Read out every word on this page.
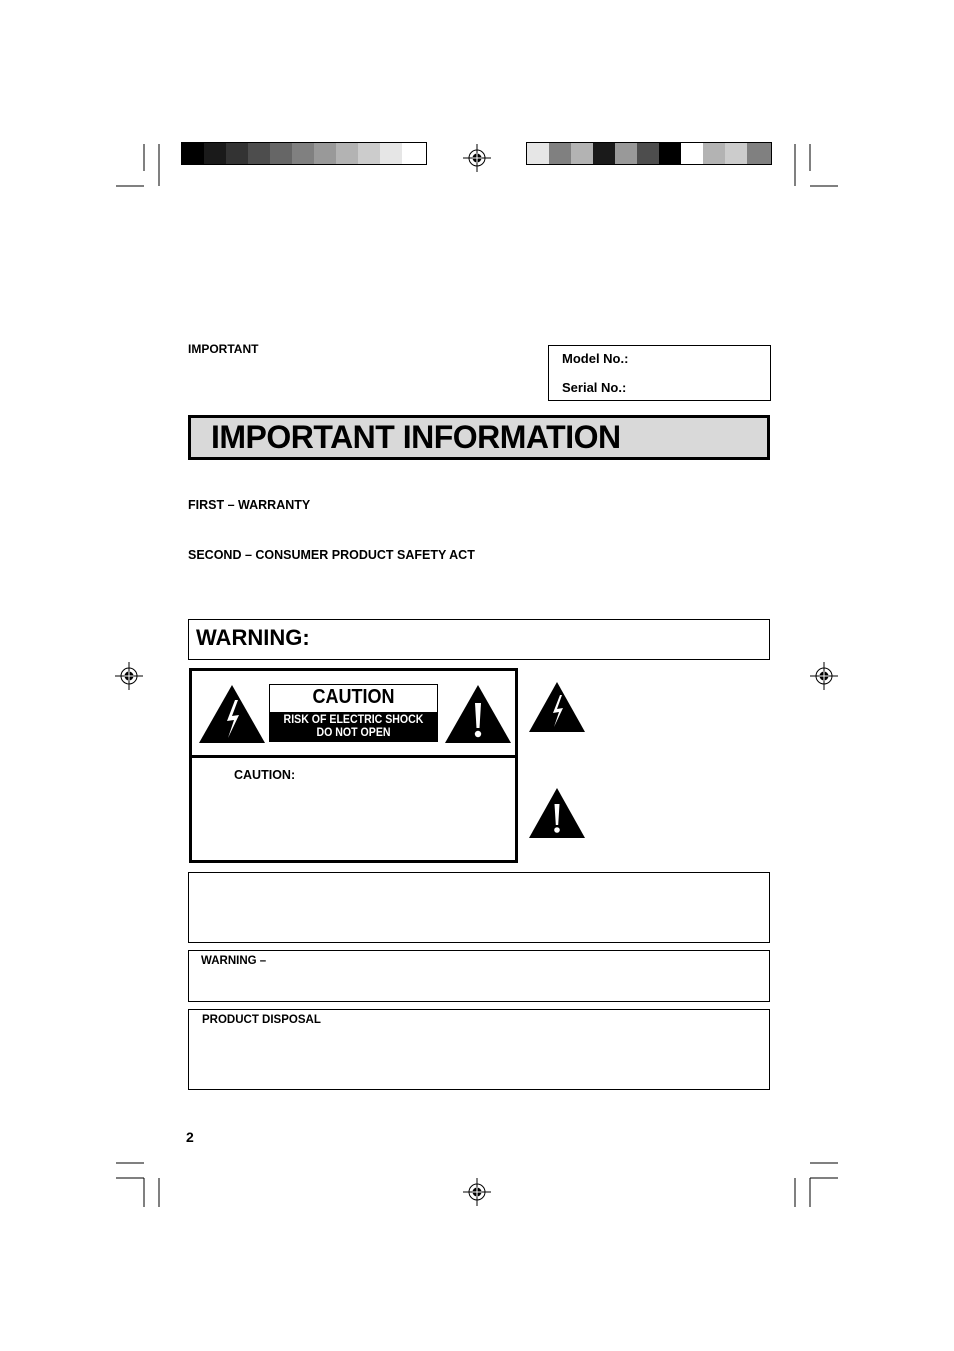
IMPORTANT
Model No.:
Serial No.:
IMPORTANT INFORMATION
FIRST – WARRANTY
SECOND – CONSUMER PRODUCT SAFETY ACT
WARNING:
CAUTION
RISK OF ELECTRIC SHOCK
DO NOT OPEN
CAUTION:
WARNING –
PRODUCT DISPOSAL
2
